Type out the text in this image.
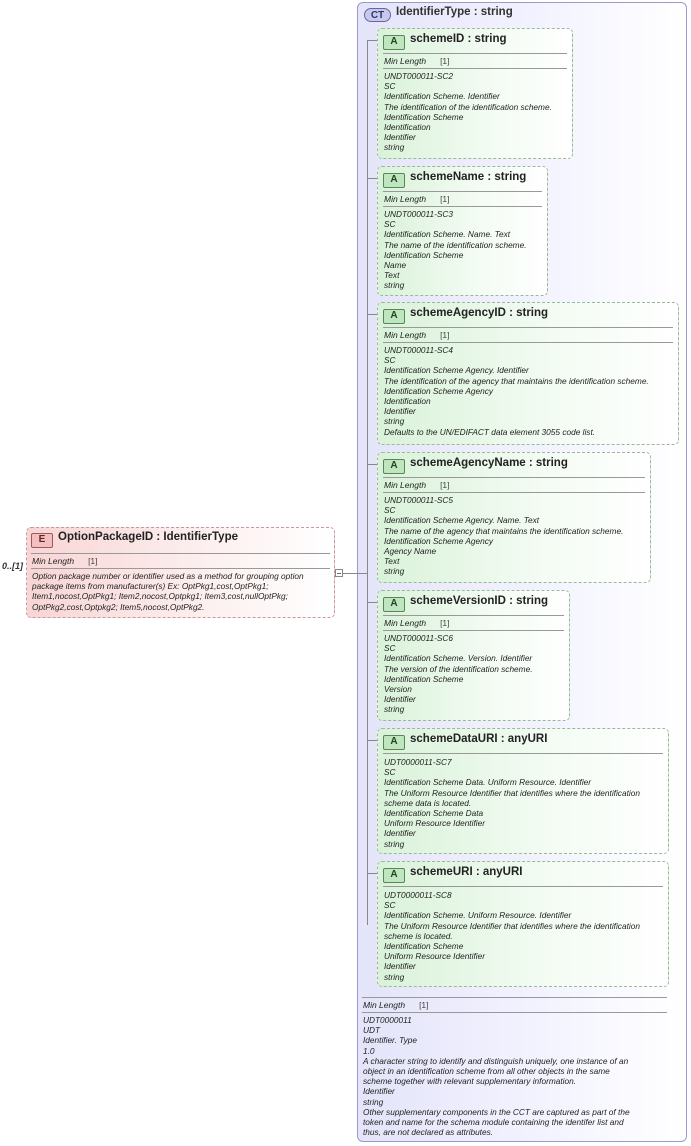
CT	IdentifierType : string
A	schemeID : string
Min Length [1]
UNDT000011-SC2
SC
Identification Scheme. Identifier
The identification of the identification scheme.
Identification Scheme
Identification
Identifier
string
A	schemeName : string
Min Length [1]
UNDT000011-SC3
SC
Identification Scheme. Name. Text
The name of the identification scheme.
Identification Scheme
Name
Text
string
A	schemeAgencyID : string
Min Length [1]
UNDT000011-SC4
SC
Identification Scheme Agency. Identifier
The identification of the agency that maintains the identification scheme.
Identification Scheme Agency
Identification
Identifier
string
Defaults to the UN/EDIFACT data element 3055 code list.
A	schemeAgencyName : string
Min Length [1]
UNDT000011-SC5
SC
Identification Scheme Agency. Name. Text
The name of the agency that maintains the identification scheme.
Identification Scheme Agency
Agency Name
Text
string
A	schemeVersionID : string
Min Length [1]
UNDT000011-SC6
SC
Identification Scheme. Version. Identifier
The version of the identification scheme.
Identification Scheme
Version
Identifier
string
A	schemeDataURI : anyURI
UDT0000011-SC7
SC
Identification Scheme Data. Uniform Resource. Identifier
The Uniform Resource Identifier that identifies where the identification
scheme data is located.
Identification Scheme Data
Uniform Resource Identifier
Identifier
string
A	schemeURI : anyURI
UDT0000011-SC8
SC
Identification Scheme. Uniform Resource. Identifier
The Uniform Resource Identifier that identifies where the identification
scheme is located.
Identification Scheme
Uniform Resource Identifier
Identifier
string
Min Length [1]
UDT0000011
UDT
Identifier. Type
1.0
A character string to identify and distinguish uniquely, one instance of an
object in an identification scheme from all other objects in the same
scheme together with relevant supplementary information.
Identifier
string
Other supplementary components in the CCT are captured as part of the
token and name for the schema module containing the identifer list and
thus, are not declared as attributes.
E	OptionPackageID : IdentifierType
Min Length [1]
Option package number or identifier used as a method for grouping option package items from manufacturer(s) Ex: OptPkg1,cost,OptPkg1; Item1,nocost,OptPkg1; Item2,nocost,Optpkg1; Item3,cost,nullOptPkg; OptPkg2,cost,Optpkg2; Item5,nocost,OptPkg2.
0..[1]
